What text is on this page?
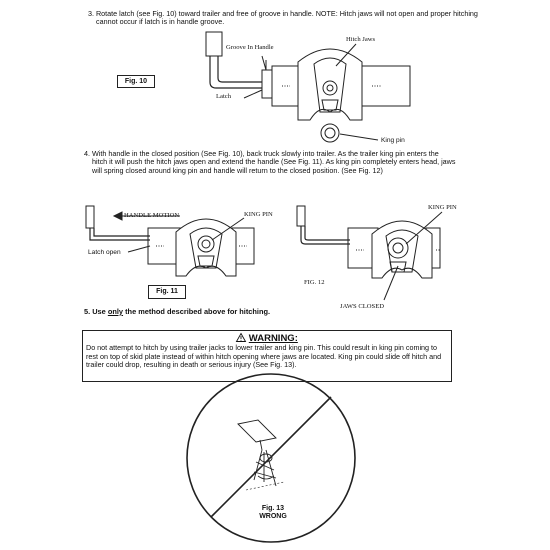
3. Rotate latch (see Fig. 10) toward trailer and free of groove in handle. NOTE: Hitch jaws will not open and proper hitching
cannot occur if latch is in handle groove.
Groove In Handle
Hitch Jaws
Latch
King pin
Fig. 10
4. With handle in the closed position (See Fig. 10), back truck slowly into trailer. As the trailer king pin enters the
hitch it will push the hitch jaws open and extend the handle (See Fig. 11). As king pin completely enters head, jaws
will spring closed around king pin and handle will return to the closed position. (See Fig. 12)
HANDLE MOTION	KING PIN
Latch open
Fig. 11
KING PIN
FIG. 12
JAWS CLOSED
5. Use only the method described above for hitching.
WARNING:
Do not attempt to hitch by using trailer jacks to lower trailer and king pin. This could result in king pin coming to rest on top of skid plate instead of within hitch opening where jaws are located. King pin could slide off hitch and trailer could drop, resulting in death or serious injury (See Fig. 13).
Fig. 13
WRONG
